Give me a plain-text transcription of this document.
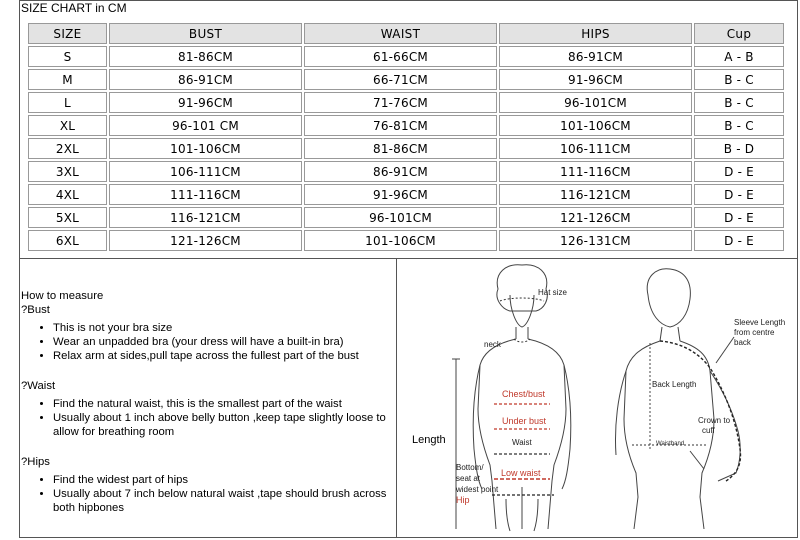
SIZE CHART in CM
SIZE	BUST	WAIST	HIPS	Cup
S	81-86CM	61-66CM	86-91CM	A - B
M	86-91CM	66-71CM	91-96CM	B - C
L	91-96CM	71-76CM	96-101CM	B - C
XL	96-101 CM	76-81CM	101-106CM	B - C
2XL	101-106CM	81-86CM	106-111CM	B - D
3XL	106-111CM	86-91CM	111-116CM	D - E
4XL	111-116CM	91-96CM	116-121CM	D - E
5XL	116-121CM	96-101CM	121-126CM	D - E
6XL	121-126CM	101-106CM	126-131CM	D - E

How to measure

?Bust

• This is not your bra size
• Wear an unpadded bra (your dress will have a built-in bra)
• Relax arm at sides,pull tape across the fullest part of the bust

?Waist

• Find the natural waist, this is the smallest part of the waist
• Usually about 1 inch above belly button ,keep tape slightly loose to allow for breathing room

?Hips

• Find the widest part of hips
• Usually about 7 inch below natural waist ,tape should brush across both hipbones
Hat size
neck
Chest/bust
Under bust
Waist
Low waist
Length
Bottom/
seat at
widest point
Hip
Sleeve Length
from centre
back
Back Length
Crown to
cuff
Waistband
